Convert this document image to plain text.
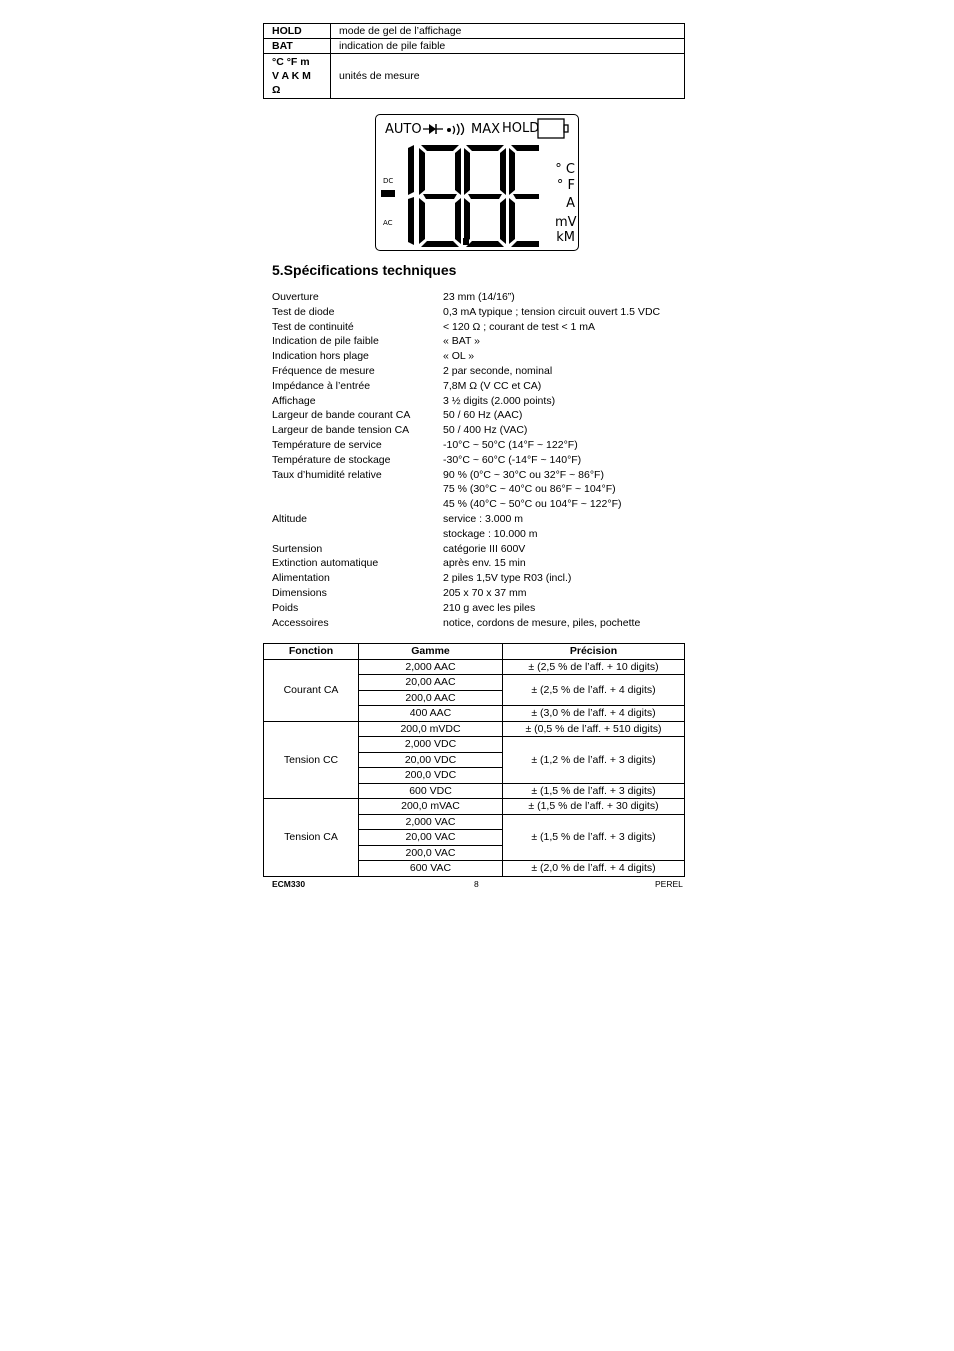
HOLD	mode de gel de l’affichage
BAT	indication de pile faible

°C °F m
V A K M
Ω	unités de mesure
AUTO	MAX HOLD
DC
AC
° C
° F
A
mV
kM
5.Spécifications techniques
Ouverture	23 mm (14/16”)
Test de diode	0,3 mA typique ; tension circuit ouvert 1.5 VDC
Test de continuité	< 120 Ω ; courant de test < 1 mA
Indication de pile faible	« BAT »
Indication hors plage	« OL »
Fréquence de mesure	2 par seconde, nominal
Impédance à l’entrée	7,8M Ω (V CC et CA)
Affichage	3 ½ digits (2.000 points)
Largeur de bande courant CA	50 / 60 Hz (AAC)
Largeur de bande tension CA	50 / 400 Hz (VAC)
Température de service	-10°C ~ 50°C (14°F ~ 122°F)
Température de stockage	-30°C ~ 60°C (-14°F ~ 140°F)
Taux d’humidité relative	90 % (0°C ~ 30°C ou 32°F ~ 86°F)
75 % (30°C ~ 40°C ou 86°F ~ 104°F)
45 % (40°C ~ 50°C ou 104°F ~ 122°F)
Altitude	service : 3.000 m
stockage : 10.000 m
Surtension	catégorie III 600V
Extinction automatique	après env. 15 min
Alimentation	2 piles 1,5V type R03 (incl.)
Dimensions	205 x 70 x 37 mm
Poids	210 g avec les piles
Accessoires	notice, cordons de mesure, piles, pochette
Fonction	Gamme	Précision
Courant CA	2,000 AAC	± (2,5 % de l’aff. + 10 digits)
	20,00 AAC	± (2,5 % de l’aff. + 4 digits)
	200,0 AAC	
	400 AAC	± (3,0 % de l’aff. + 4 digits)
Tension CC	200,0 mVDC	± (0,5 % de l’aff. + 510 digits)
	2,000 VDC	± (1,2 % de l’aff. + 3 digits)
	20,00 VDC	
	200,0 VDC	
	600 VDC	± (1,5 % de l’aff. + 3 digits)
Tension CA	200,0 mVAC	± (1,5 % de l’aff. + 30 digits)
	2,000 VAC	± (1,5 % de l’aff. + 3 digits)
	20,00 VAC	
	200,0 VAC	
	600 VAC	± (2,0 % de l’aff. + 4 digits)
ECM330	8	PEREL
